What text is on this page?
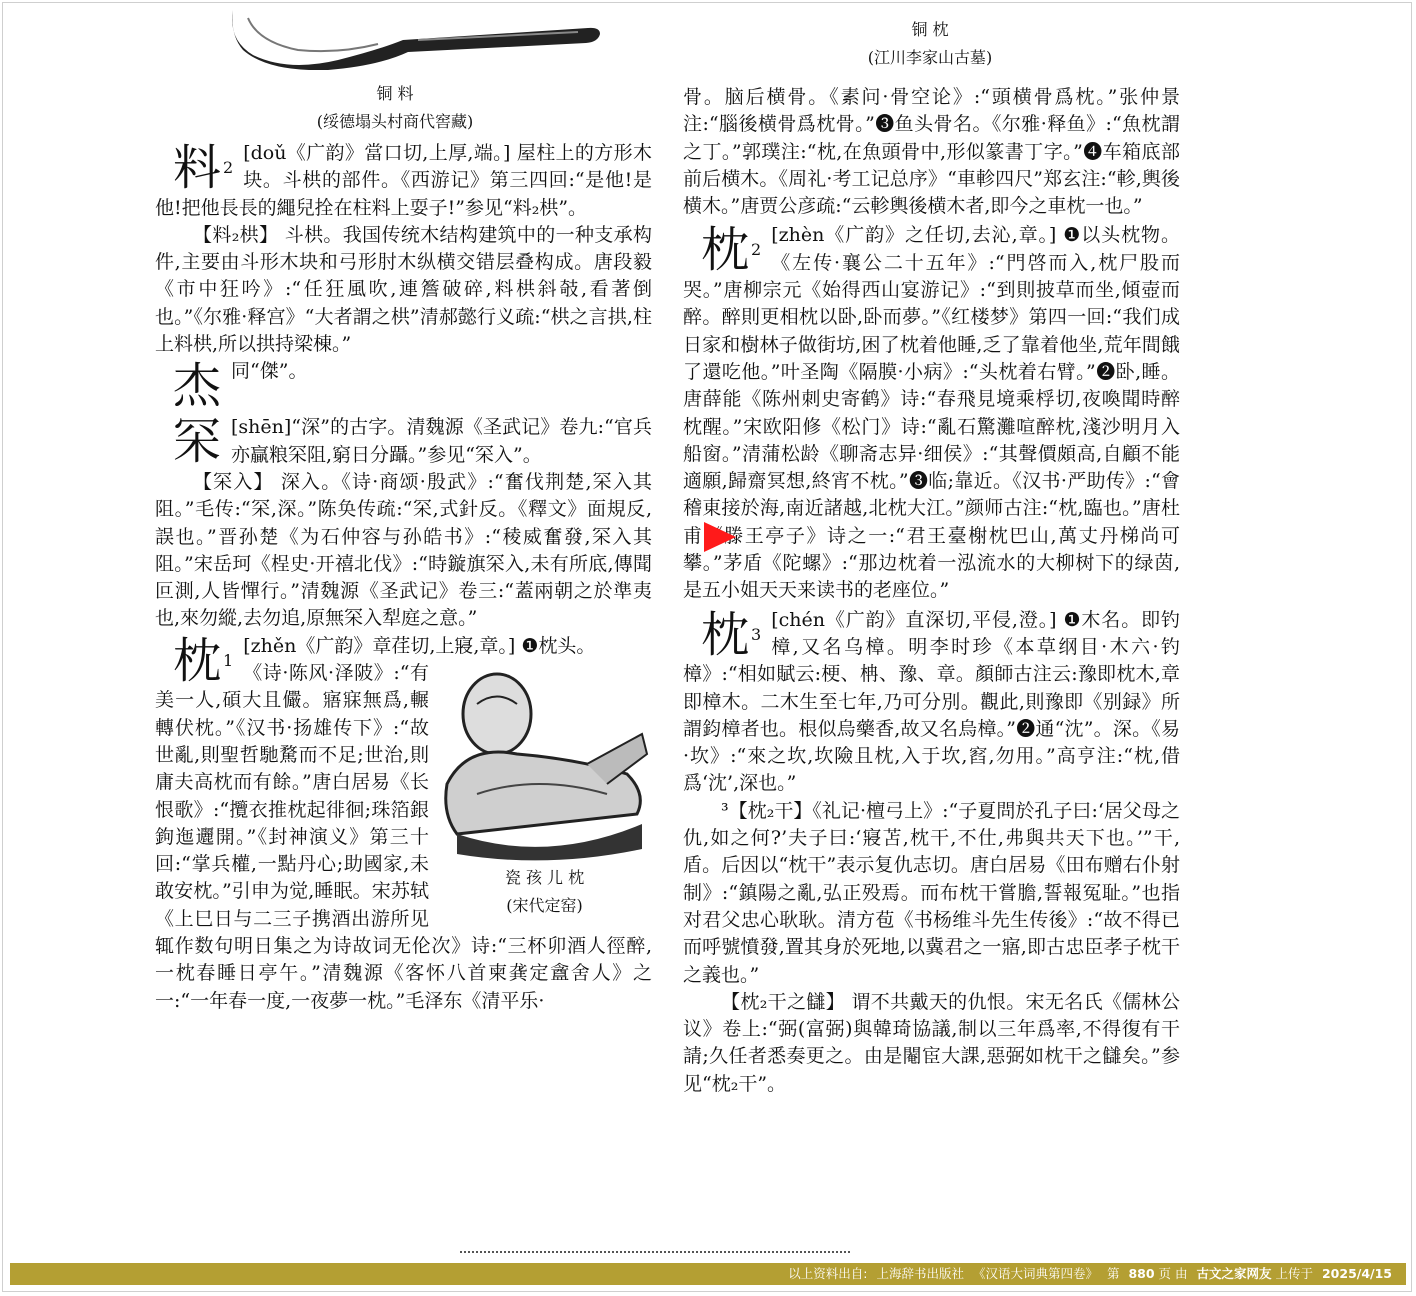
铜 料
(绥德塌头村商代窖藏)
铜 枕
(江川李家山古墓)

料 $^2$
[doǔ《广韵》當口切,上厚,端。] 屋柱上的方形木块。斗栱的部件。《西游记》第三四回:“是他!是他!把他長長的繩兒拴在柱料上耍子!”参见“料₂栱”。

【料₂栱】 斗栱。我国传统木结构建筑中的一种支承构件,主要由斗形木块和弓形肘木纵横交错层叠构成。唐段毅《市中狂吟》:“任狂風吹,連簷破碎,料栱斜攲,看著倒也。”《尔雅·释宫》“大者謂之栱”清郝懿行义疏:“栱之言拱,柱上料栱,所以拱持梁棟。”

杰 同“傑”。

罙 [shēn]“深”的古字。清魏源《圣武记》卷九:“官兵亦贏粮罙阻,窮日分躡。”参见“罙入”。

【罙入】 深入。《诗·商颂·殷武》:“奮伐荆楚,罙入其阻。”毛传:“罙,深。”陈奂传疏:“罙,式針反。《釋文》面規反,誤也。”晋孙楚《为石仲容与孙皓书》:“稜威奮發,罙入其阻。”宋岳珂《桯史·开禧北伐》:“時鏇旗罙入,未有所底,傳聞叵測,人皆憚行。”清魏源《圣武记》卷三:“蓋兩朝之於準夷也,來勿縱,去勿追,原無罙入犁庭之意。”

枕 $^1$
[zhěn《广韵》章荏切,上寢,章。] ❶枕头。

瓷 孩 儿 枕
(宋代定窑)

《诗·陈风·泽陂》:“有美一人,碩大且儼。寤寐無爲,輾轉伏枕。”《汉书·扬雄传下》:“故世亂,則聖哲馳騖而不足;世治,則庸夫高枕而有餘。”唐白居易《长恨歌》:“攬衣推枕起徘徊;珠箔銀鉤迤邐開。”《封神演义》第三十回:“掌兵權,一點丹心;助國家,未敢安枕。”引申为觉,睡眠。宋苏轼《上巳日与二三子携酒出游所见辄作数句明日集之为诗故词无伦次》诗:“三杯卯酒人徑醉,一枕春睡日亭午。”清魏源《客怀八首柬龚定盦舍人》之一:“一年春一度,一夜夢一枕。”毛泽东《清平乐·

骨。脑后横骨。《素问·骨空论》:“頭横骨爲枕。”张仲景注:“腦後横骨爲枕骨。”❸鱼头骨名。《尔雅·释鱼》:“魚枕謂之丁。”郭璞注:“枕,在魚頭骨中,形似篆書丁字。”❹车箱底部前后横木。《周礼·考工记总序》“車軫四尺”郑玄注:“軫,輿後横木。”唐贾公彦疏:“云軫輿後横木者,即今之車枕一也。”

枕 $^2$
[zhèn《广韵》之任切,去沁,章。] ❶以头枕物。《左传·襄公二十五年》:“門啓而入,枕尸股而哭。”唐柳宗元《始得西山宴游记》:“到則披草而坐,傾壺而醉。醉則更相枕以卧,卧而夢。”《红楼梦》第四一回:“我们成日家和樹林子做街坊,困了枕着他睡,乏了靠着他坐,荒年間餓了還吃他。”叶圣陶《隔膜·小病》:“头枕着右臂。”❷卧,睡。唐薛能《陈州刺史寄鹤》诗:“春飛見境乘桴切,夜喚聞時醉枕醒。”宋欧阳修《松门》诗:“亂石驚灘喧醉枕,淺沙明月入船窗。”清蒲松龄《聊斋志异·细侯》:“其聲價頗高,自顧不能適願,歸齋冥想,終宵不枕。”❸临;靠近。《汉书·严助传》:“會稽東接於海,南近諸越,北枕大江。”颜师古注:“枕,臨也。”唐杜甫《滕王亭子》诗之一:“君王臺榭枕巴山,萬丈丹梯尚可攀。”茅盾《陀螺》:“那边枕着一泓流水的大柳树下的绿茵,是五小姐天天来读书的老座位。”

枕 $^3$
[chén《广韵》直深切,平侵,澄。] ❶木名。即钓樟,又名乌樟。明李时珍《本草纲目·木六·钓樟》:“相如賦云:梗、柟、豫、章。顏師古注云:豫即枕木,章即樟木。二木生至七年,乃可分別。觀此,則豫即《别録》所謂鈞樟者也。根似烏藥香,故又名烏樟。”❷通“沈”。深。《易·坎》:“來之坎,坎險且枕,入于坎,窞,勿用。”高亨注:“枕,借爲‘沈’,深也。”

³【枕₂干】《礼记·檀弓上》:“子夏問於孔子曰:‘居父母之仇,如之何?’夫子曰:‘寢苫,枕干,不仕,弗與共天下也。’”干,盾。后因以“枕干”表示复仇志切。唐白居易《田布赠右仆射制》:“鎮陽之亂,弘正殁焉。而布枕干嘗膽,誓報冤耻。”也指对君父忠心耿耿。清方苞《书杨维斗先生传後》:“故不得已而呼號憤發,置其身於死地,以冀君之一寤,即古忠臣孝子枕干之義也。”

【枕₂干之讎】 谓不共戴天的仇恨。宋无名氏《儒林公议》卷上:“弼(富弼)與韓琦協議,制以三年爲率,不得復有干請;久任者悉奏更之。由是閹宦大課,惡弼如枕干之讎矣。”参见“枕₂干”。

以上资料出自: 上海辞书出版社 《汉语大词典第四卷》 第 880 页 由 古文之家网友 上传于 2025/4/15
